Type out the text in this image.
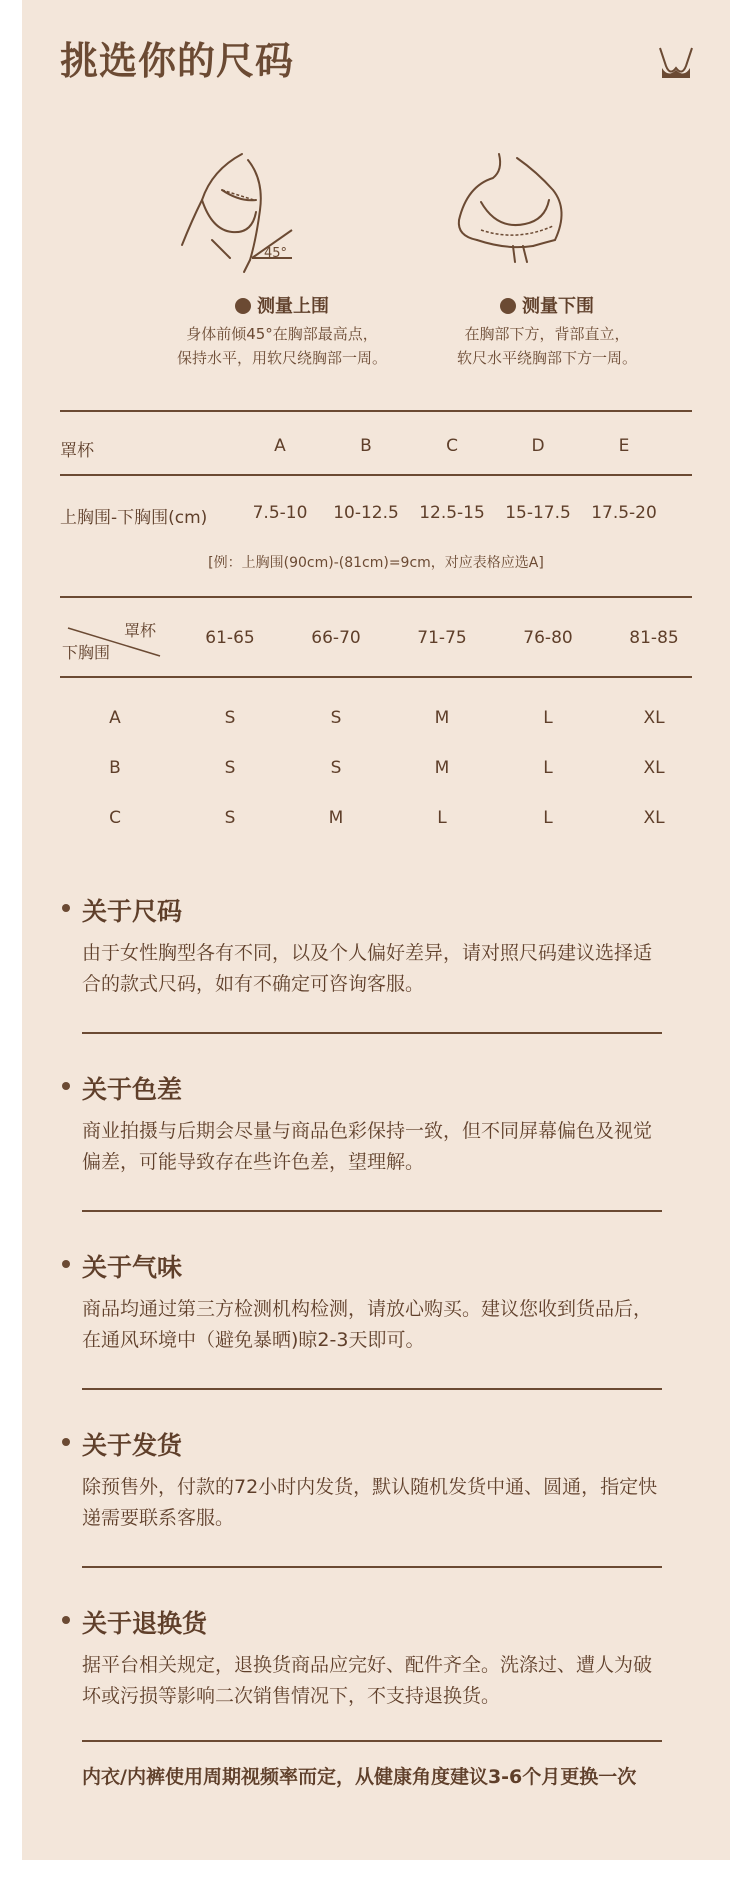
挑选你的尺码
45°
测量上围
身体前倾45°在胸部最高点，
保持水平，用软尺绕胸部一周。
测量下围
在胸部下方，背部直立，
软尺水平绕胸部下方一周。
罩杯	A	B	C	D	E
上胸围-下胸围(cm)	7.5-10	10-12.5	12.5-15	15-17.5	17.5-20
[例：上胸围(90cm)-(81cm)=9cm，对应表格应选A]
罩杯
下胸围
61-65	66-70	71-75	76-80	81-85
A	S	S	M	L	XL
B	S	S	M	L	XL
C	S	M	L	L	XL
关于尺码
由于女性胸型各有不同，以及个人偏好差异，请对照尺码建议选择适合的款式尺码，如有不确定可咨询客服。
关于色差
商业拍摄与后期会尽量与商品色彩保持一致，但不同屏幕偏色及视觉偏差，可能导致存在些许色差，望理解。
关于气味
商品均通过第三方检测机构检测，请放心购买。建议您收到货品后，在通风环境中（避免暴晒)晾2-3天即可。
关于发货
除预售外，付款的72小时内发货，默认随机发货中通、圆通，指定快递需要联系客服。
关于退换货
据平台相关规定，退换货商品应完好、配件齐全。洗涤过、遭人为破坏或污损等影响二次销售情况下，不支持退换货。
内衣/内裤使用周期视频率而定，从健康角度建议3-6个月更换一次
